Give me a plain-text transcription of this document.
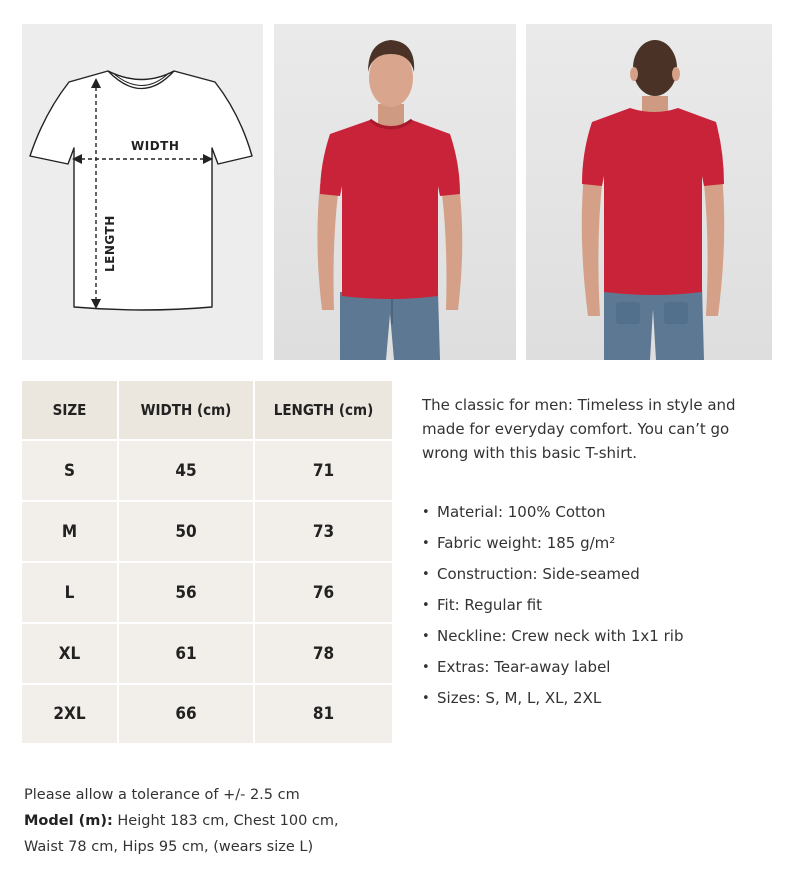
WIDTH
LENGTH
SIZE	WIDTH (cm)	LENGTH (cm)
S	45	71
M	50	73
L	56	76
XL	61	78
2XL	66	81

The classic for men: Timeless in style and made for everyday comfort. You can’t go wrong with this basic T-shirt.

• Material: 100% Cotton
• Fabric weight: 185 g/m²
• Construction: Side-seamed
• Fit: Regular fit
• Neckline: Crew neck with 1x1 rib
• Extras: Tear-away label
• Sizes: S, M, L, XL, 2XL
Please allow a tolerance of +/- 2.5 cm
Model (m): Height 183 cm, Chest 100 cm,
Waist 78 cm, Hips 95 cm, (wears size L)
